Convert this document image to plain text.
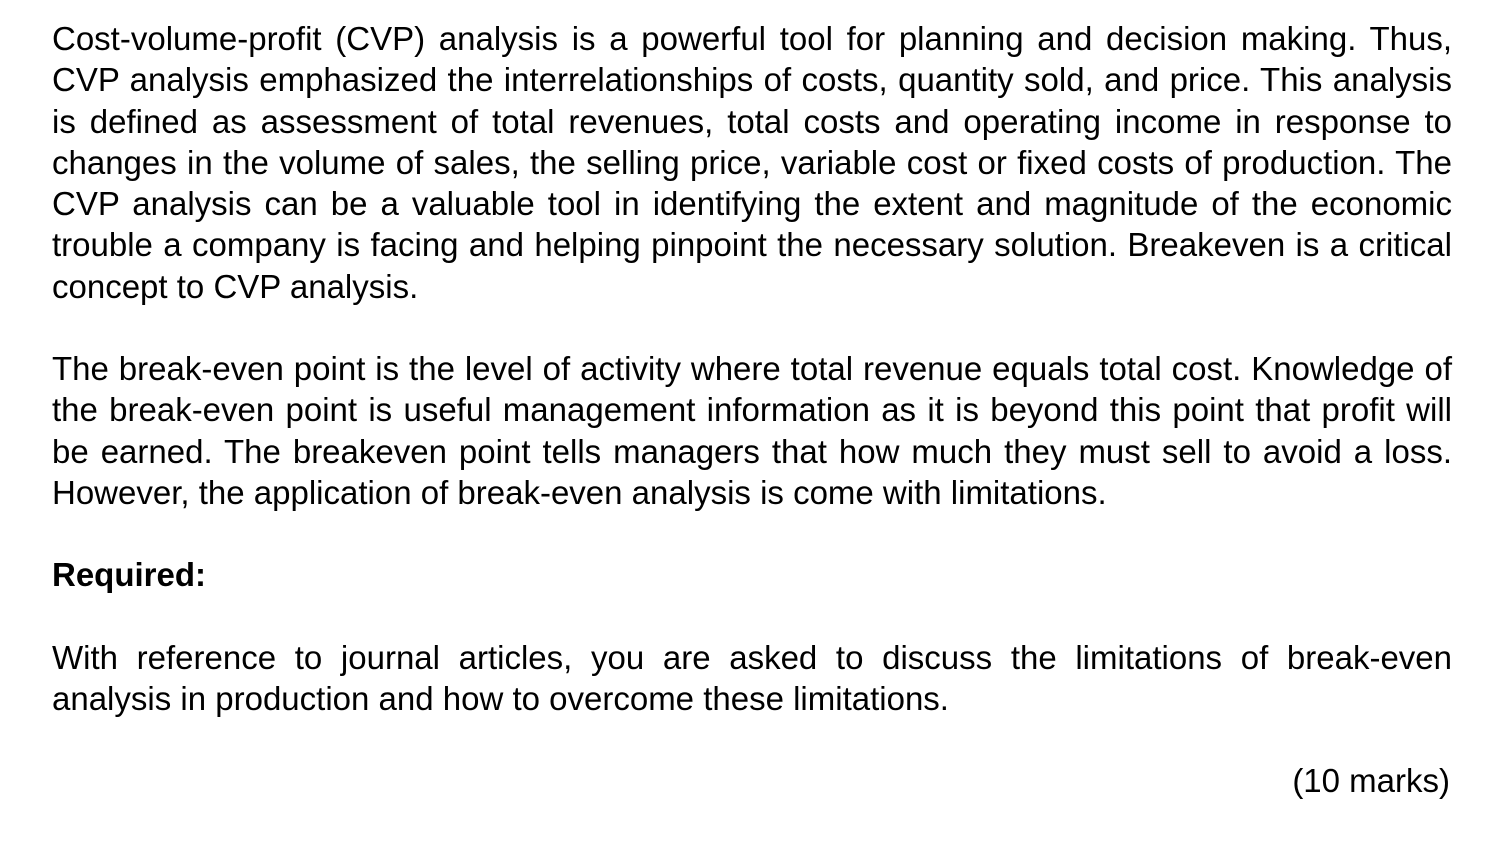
Cost-volume-profit (CVP) analysis is a powerful tool for planning and decision making. Thus, CVP analysis emphasized the interrelationships of costs, quantity sold, and price. This analysis is defined as assessment of total revenues, total costs and operating income in response to changes in the volume of sales, the selling price, variable cost or fixed costs of production. The CVP analysis can be a valuable tool in identifying the extent and magnitude of the economic trouble a company is facing and helping pinpoint the necessary solution. Breakeven is a critical concept to CVP analysis.

The break-even point is the level of activity where total revenue equals total cost. Knowledge of the break-even point is useful management information as it is beyond this point that profit will be earned. The breakeven point tells managers that how much they must sell to avoid a loss. However, the application of break-even analysis is come with limitations.

Required:

With reference to journal articles, you are asked to discuss the limitations of break-even analysis in production and how to overcome these limitations.

(10 marks)
